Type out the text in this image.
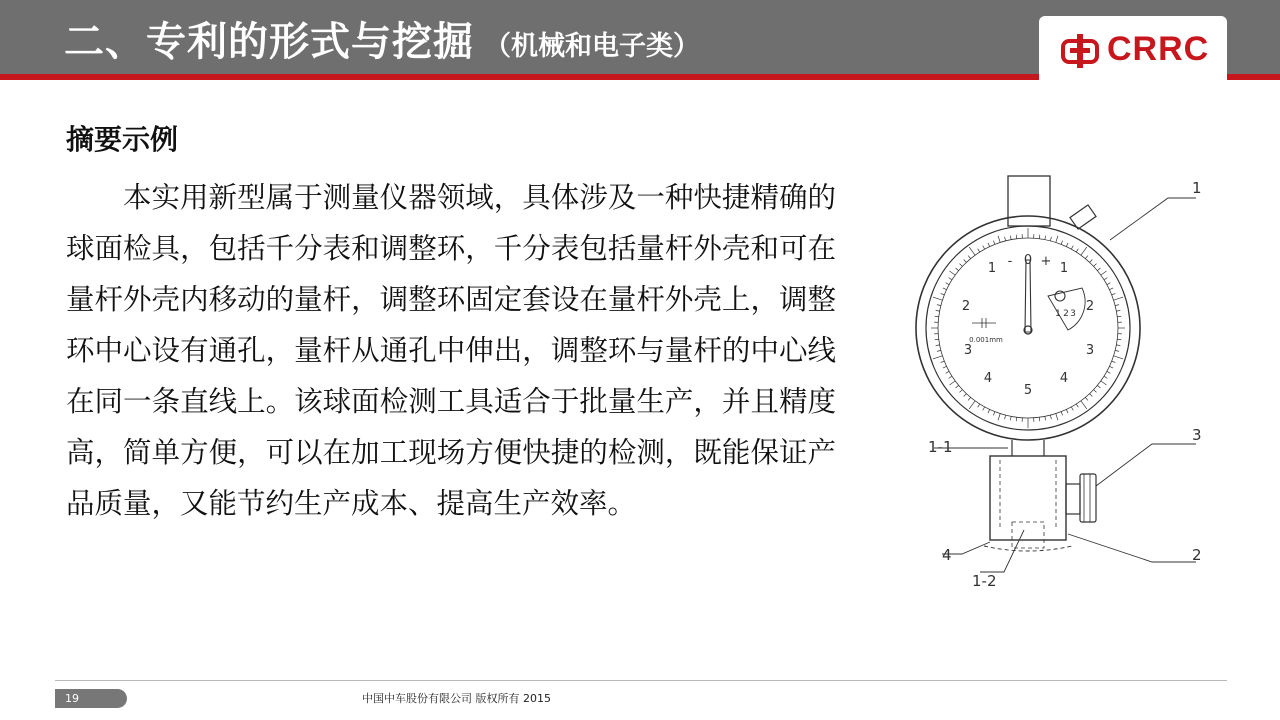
二、专利的形式与挖掘 （机械和电子类）	CRRC
摘要示例

本实用新型属于测量仪器领域，具体涉及一种快捷精确的球面检具，包括千分表和调整环，千分表包括量杆外壳和可在量杆外壳内移动的量杆，调整环固定套设在量杆外壳上，调整环中心设有通孔，量杆从通孔中伸出，调整环与量杆的中心线在同一条直线上。该球面检测工具适合于批量生产，并且精度高，简单方便，可以在加工现场方便快捷的检测，既能保证产品质量，又能节约生产成本、提高生产效率。

0
1	1
- +
2
3
4
2
3
4
5
0.001mm
1 2 3
1
3
2
4
1-1
1-2
19	中国中车股份有限公司 版权所有 2015
